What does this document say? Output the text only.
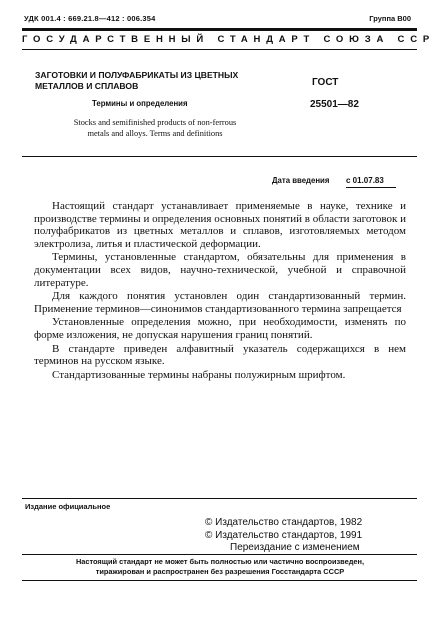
УДК 001.4 : 669.21.8—412 : 006.354	Группа В00
ГОСУДАРСТВЕННЫЙ СТАНДАРТ СОЮЗА ССР
ЗАГОТОВКИ И ПОЛУФАБРИКАТЫ ИЗ ЦВЕТНЫХ
МЕТАЛЛОВ И СПЛАВОВ
Термины и определения
Stocks and semifinished products of non-ferrous
metals and alloys. Terms and definitions
ГОСТ
25501—82
Дата введения с 01.07.83

Настоящий стандарт устанавливает применяемые в науке, технике и производстве термины и определения основных понятий в области заготовок и полуфабрикатов из цветных металлов и сплавов, изготовляемых методом электролиза, литья и пластической деформации.

Термины, установленные стандартом, обязательны для применения в документации всех видов, научно-технической, учебной и справочной литературе.

Для каждого понятия установлен один стандартизованный термин. Применение терминов—синонимов стандартизованного термина запрещается

Установленные определения можно, при необходимости, изменять по форме изложения, не допуская нарушения границ понятий.

В стандарте приведен алфавитный указатель содержащихся в нем терминов на русском языке.

Стандартизованные термины набраны полужирным шрифтом.

Издание официальное
© Издательство стандартов, 1982
© Издательство стандартов, 1991
Переиздание с изменением
Настоящий стандарт не может быть полностью или частично воспроизведен,
тиражирован и распространен без разрешения Госстандарта СССР
